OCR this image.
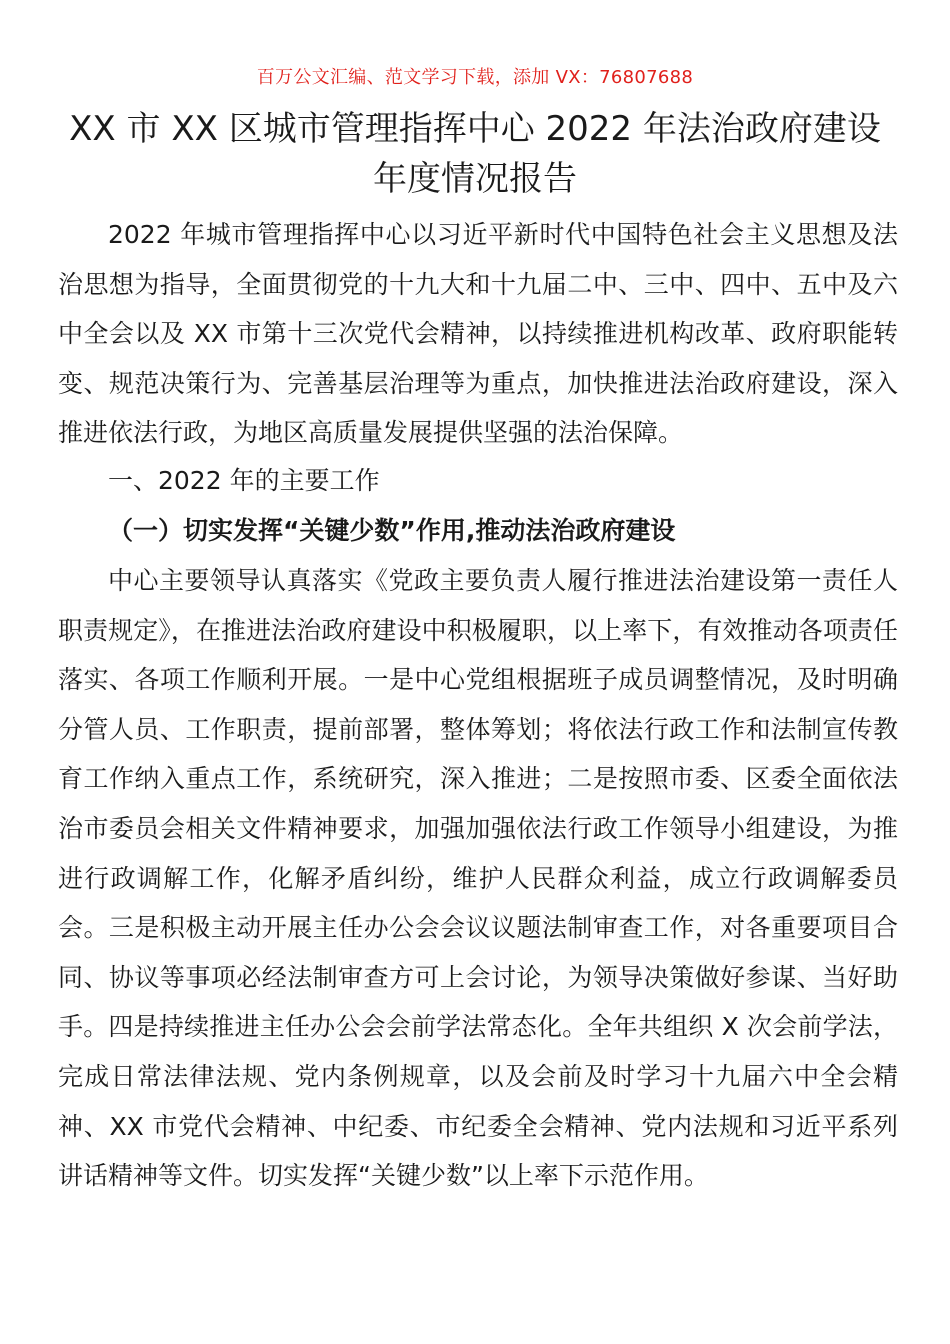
百万公文汇编、范文学习下载，添加 VX：76807688
XX 市 XX 区城市管理指挥中心 2022 年法治政府建设
年度情况报告

2022 年城市管理指挥中心以习近平新时代中国特色社会主义思想及法治思想为指导，全面贯彻党的十九大和十九届二中、三中、四中、五中及六中全会以及 XX 市第十三次党代会精神，以持续推进机构改革、政府职能转变、规范决策行为、完善基层治理等为重点，加快推进法治政府建设，深入推进依法行政，为地区高质量发展提供坚强的法治保障。

一、2022 年的主要工作

（一）切实发挥“关键少数”作用,推动法治政府建设

中心主要领导认真落实《党政主要负责人履行推进法治建设第一责任人职责规定》，在推进法治政府建设中积极履职，以上率下，有效推动各项责任落实、各项工作顺利开展。一是中心党组根据班子成员调整情况，及时明确分管人员、工作职责，提前部署，整体筹划；将依法行政工作和法制宣传教育工作纳入重点工作，系统研究，深入推进；二是按照市委、区委全面依法治市委员会相关文件精神要求，加强加强依法行政工作领导小组建设，为推进行政调解工作，化解矛盾纠纷，维护人民群众利益，成立行政调解委员会。三是积极主动开展主任办公会会议议题法制审查工作，对各重要项目合同、协议等事项必经法制审查方可上会讨论，为领导决策做好参谋、当好助手。四是持续推进主任办公会会前学法常态化。全年共组织 X 次会前学法，完成日常法律法规、党内条例规章，以及会前及时学习十九届六中全会精神、XX 市党代会精神、中纪委、市纪委全会精神、党内法规和习近平系列讲话精神等文件。切实发挥“关键少数”以上率下示范作用。
